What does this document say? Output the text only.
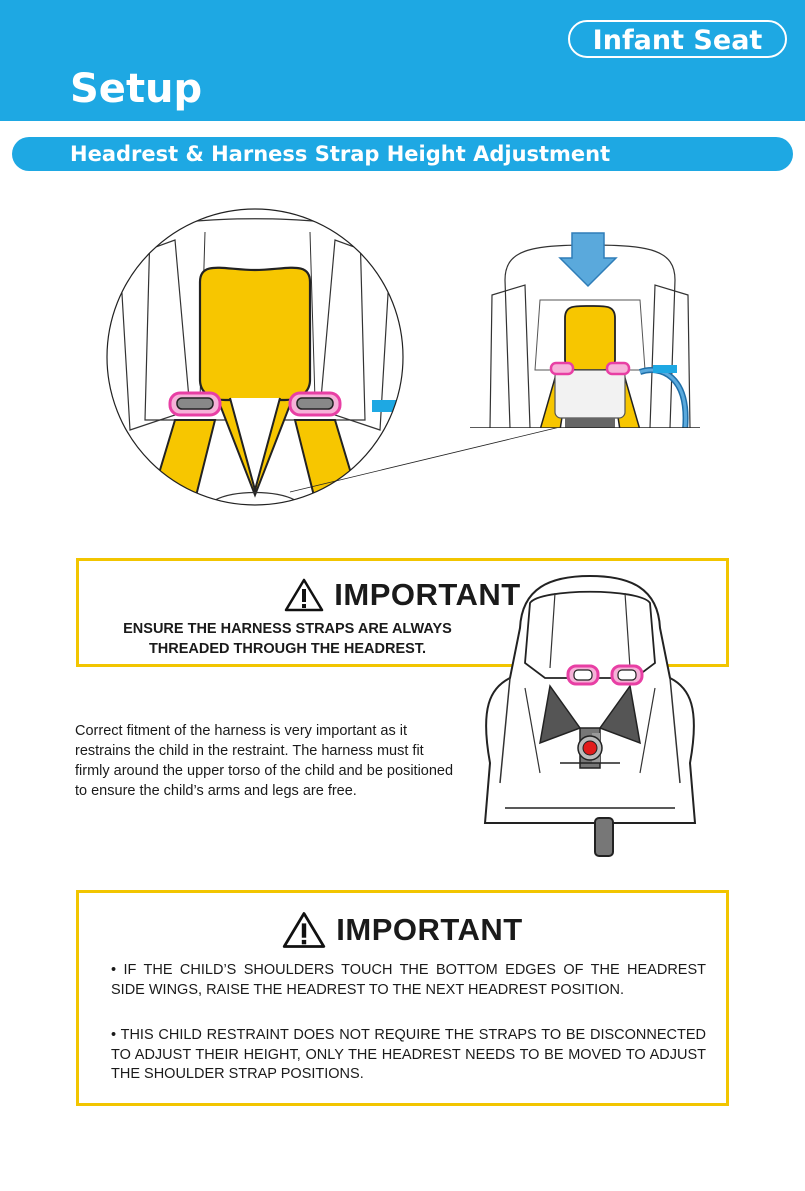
Infant Seat
Setup
Headrest & Harness Strap Height Adjustment
IMPORTANT
ENSURE THE HARNESS STRAPS ARE ALWAYS
THREADED THROUGH THE HEADREST.

Correct fitment of the harness is very important as it restrains the child in the restraint. The harness must fit firmly around the upper torso of the child and be positioned to ensure the child’s arms and legs are free.

IMPORTANT
• IF THE CHILD’S SHOULDERS TOUCH THE BOTTOM EDGES OF THE HEADREST SIDE WINGS, RAISE THE HEADREST TO THE NEXT HEADREST POSITION.
• THIS CHILD RESTRAINT DOES NOT REQUIRE THE STRAPS TO BE DISCONNECTED TO ADJUST THEIR HEIGHT, ONLY THE HEADREST NEEDS TO BE MOVED TO ADJUST THE SHOULDER STRAP POSITIONS.
